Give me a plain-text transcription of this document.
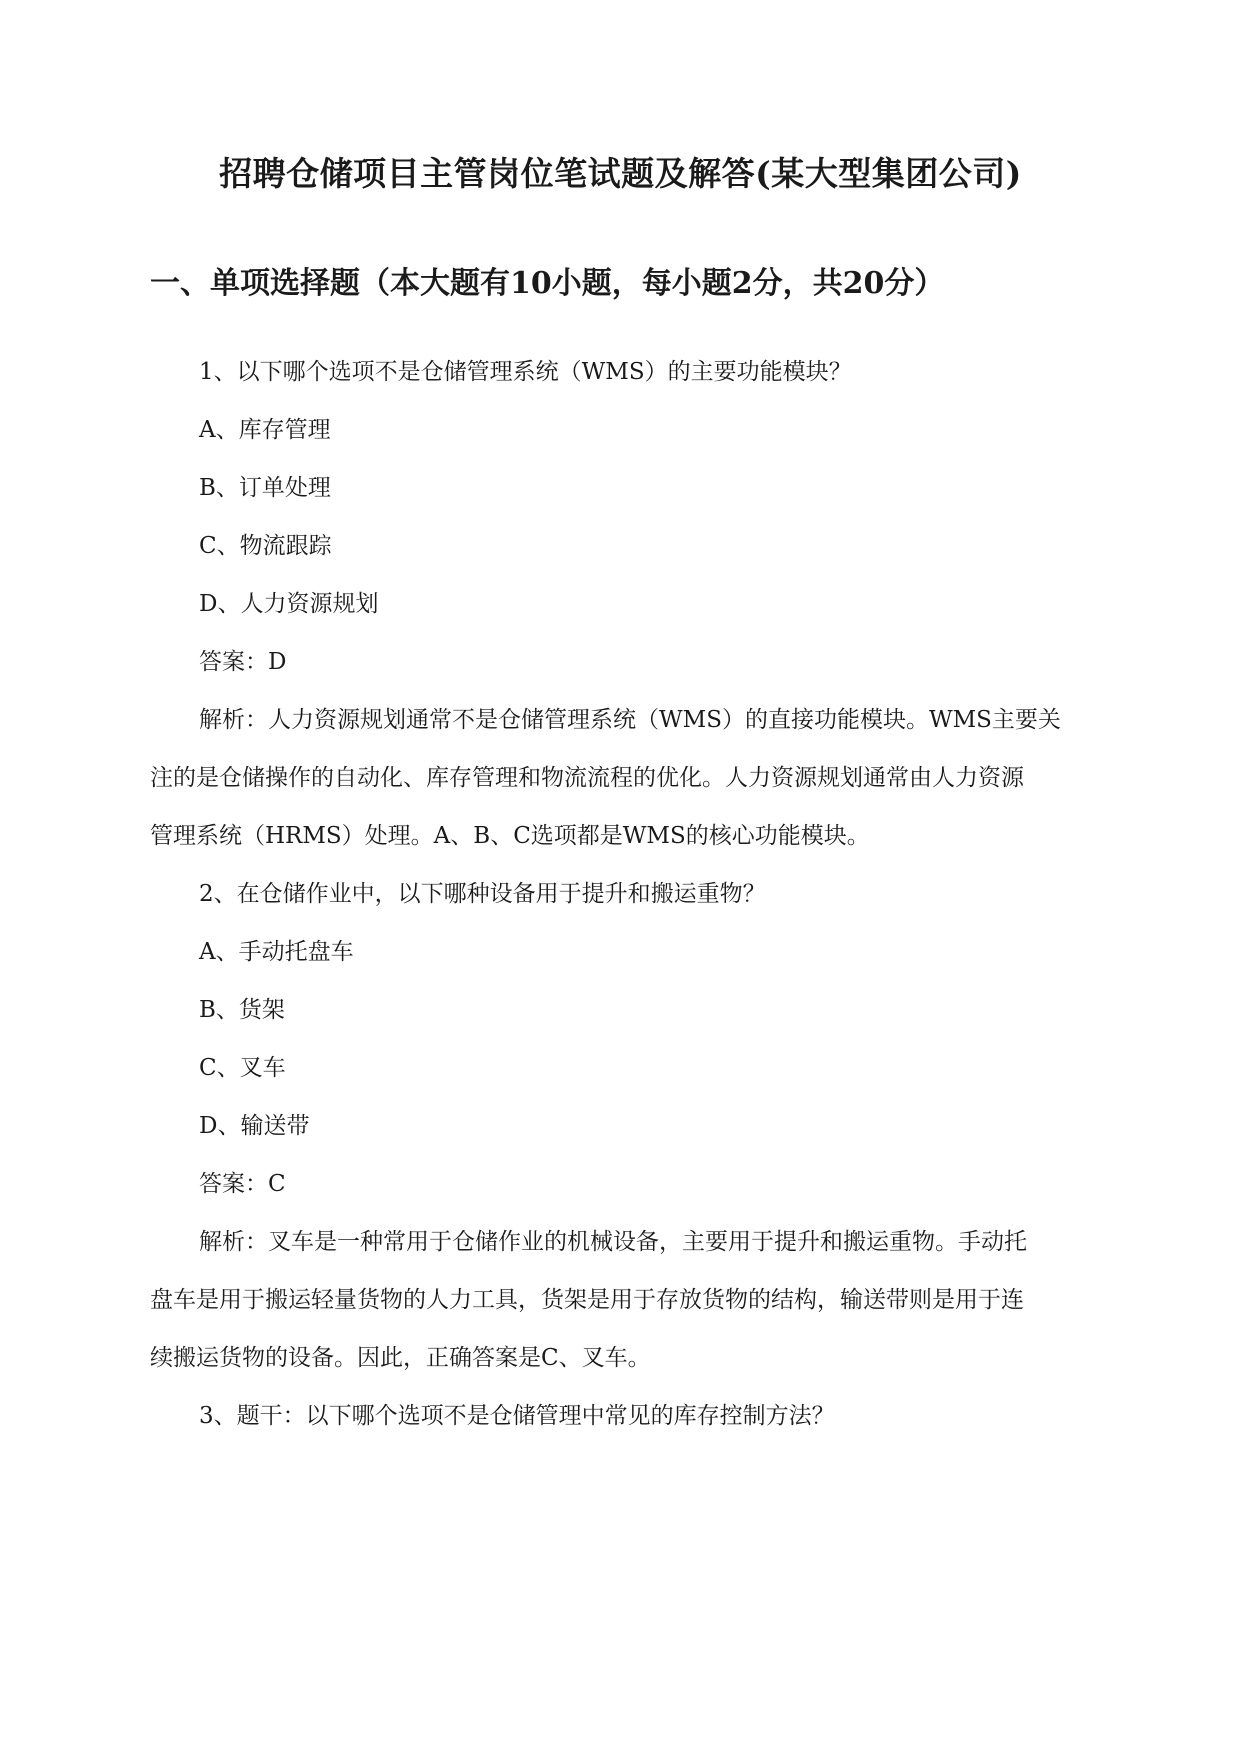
招聘仓储项目主管岗位笔试题及解答(某大型集团公司)
一、单项选择题（本大题有10小题，每小题2分，共20分）
1、以下哪个选项不是仓储管理系统（WMS）的主要功能模块？
A、库存管理
B、订单处理
C、物流跟踪
D、人力资源规划
答案：D
解析：人力资源规划通常不是仓储管理系统（WMS）的直接功能模块。WMS主要关
注的是仓储操作的自动化、库存管理和物流流程的优化。人力资源规划通常由人力资源
管理系统（HRMS）处理。A、B、C选项都是WMS的核心功能模块。
2、在仓储作业中，以下哪种设备用于提升和搬运重物？
A、手动托盘车
B、货架
C、叉车
D、输送带
答案：C
解析：叉车是一种常用于仓储作业的机械设备，主要用于提升和搬运重物。手动托
盘车是用于搬运轻量货物的人力工具，货架是用于存放货物的结构，输送带则是用于连
续搬运货物的设备。因此，正确答案是C、叉车。
3、题干：以下哪个选项不是仓储管理中常见的库存控制方法？
